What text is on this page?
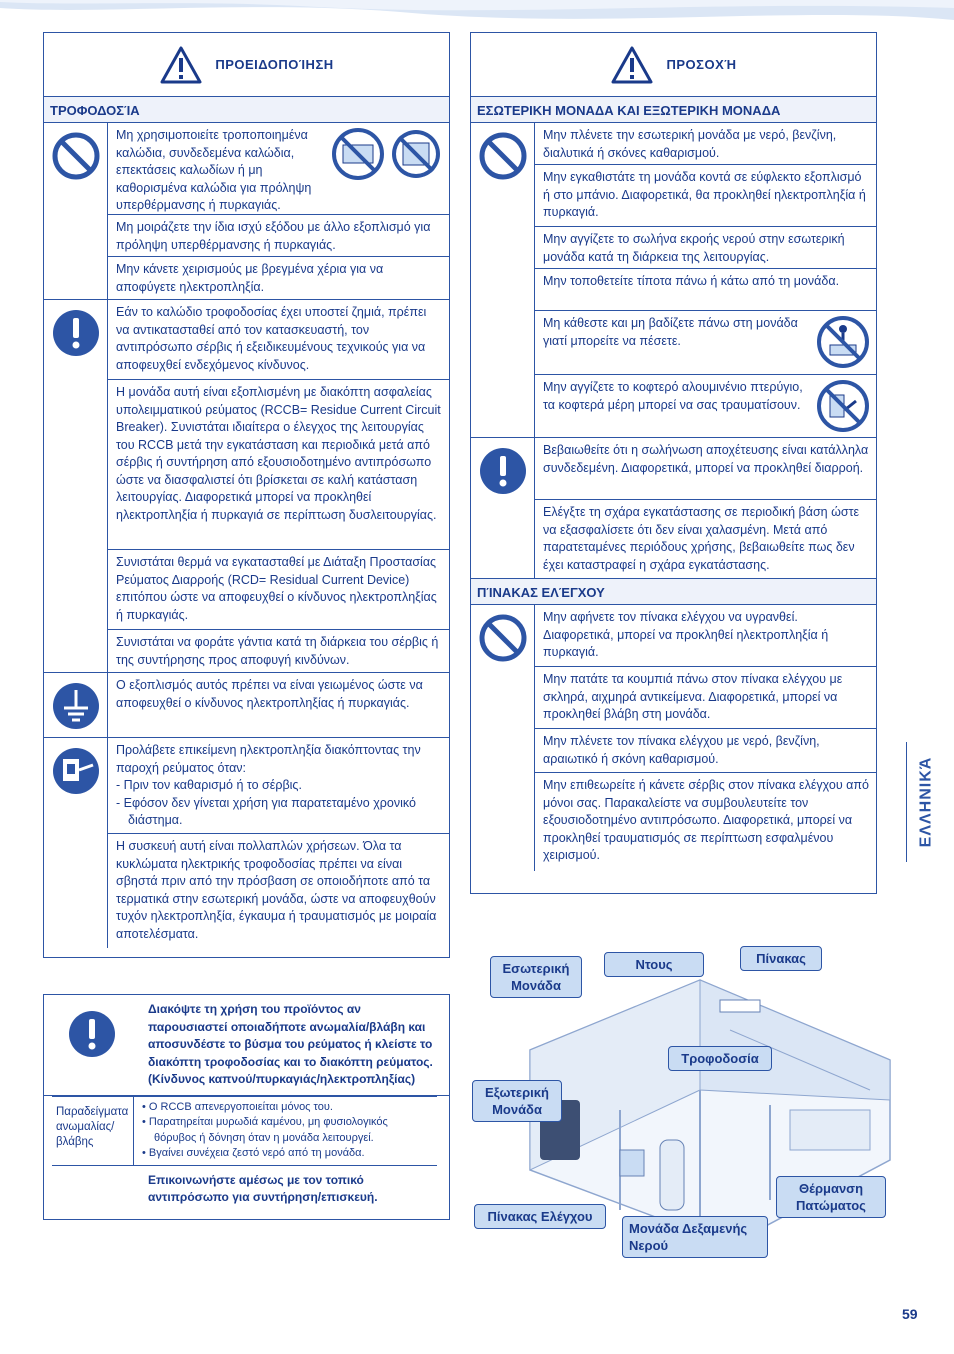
ΠΡΟΕΙΔΟΠΟΊΗΣΗ
ΤΡΟΦΟΔΟΣΊΑ
Μη χρησιμοποιείτε τροποποιημένα καλώδια, συνδεδεμένα καλώδια, επεκτάσεις καλωδίων ή μη καθορισμένα καλώδια για πρόληψη υπερθέρμανσης ή πυρκαγιάς.
Μη μοιράζετε την ίδια ισχύ εξόδου με άλλο εξοπλισμό για πρόληψη υπερθέρμανσης ή πυρκαγιάς.
Μην κάνετε χειρισμούς με βρεγμένα χέρια για να αποφύγετε ηλεκτροπληξία.
Εάν το καλώδιο τροφοδοσίας έχει υποστεί ζημιά, πρέπει να αντικατασταθεί από τον κατασκευαστή, τον αντιπρόσωπο σέρβις ή εξειδικευμένους τεχνικούς για να αποφευχθεί ενδεχόμενος κίνδυνος.
Η μονάδα αυτή είναι εξοπλισμένη με διακόπτη ασφαλείας υπολειμματικού ρεύματος (RCCB= Residue Current Circuit Breaker). Συνιστάται ιδιαίτερα ο έλεγχος της λειτουργίας του RCCB μετά την εγκατάσταση και περιοδικά μετά από σέρβις ή συντήρηση από εξουσιοδοτημένο αντιπρόσωπο ώστε να διασφαλιστεί ότι βρίσκεται σε καλή κατάσταση λειτουργίας. Διαφορετικά μπορεί να προκληθεί ηλεκτροπληξία ή πυρκαγιά σε περίπτωση δυσλειτουργίας.
Συνιστάται θερμά να εγκατασταθεί με Διάταξη Προστασίας Ρεύματος Διαρροής (RCD= Residual Current Device) επιτόπου ώστε να αποφευχθεί ο κίνδυνος ηλεκτροπληξίας ή πυρκαγιάς.
Συνιστάται να φοράτε γάντια κατά τη διάρκεια του σέρβις ή της συντήρησης προς αποφυγή κινδύνων.
Ο εξοπλισμός αυτός πρέπει να είναι γειωμένος ώστε να αποφευχθεί ο κίνδυνος ηλεκτροπληξίας ή πυρκαγιάς.
Προλάβετε επικείμενη ηλεκτροπληξία διακόπτοντας την παροχή ρεύματος όταν:
- Πριν τον καθαρισμό ή το σέρβις.
- Εφόσον δεν γίνεται χρήση για παρατεταμένο χρονικό διάστημα.
Η συσκευή αυτή είναι πολλαπλών χρήσεων. Όλα τα κυκλώματα ηλεκτρικής τροφοδοσίας πρέπει να είναι σβηστά πριν από την πρόσβαση σε οποιοδήποτε από τα τερματικά στην εσωτερική μονάδα, ώστε να αποφευχθούν τυχόν ηλεκτροπληξία, έγκαυμα ή τραυματισμός με μοιραία αποτελέσματα.
ΠΡΟΣΟΧΉ
ΕΣΩΤΕΡΙΚΗ ΜΟΝΑΔΑ ΚΑΙ ΕΞΩΤΕΡΙΚΗ ΜΟΝΑΔΑ
Μην πλένετε την εσωτερική μονάδα με νερό, βενζίνη, διαλυτικά ή σκόνες καθαρισμού.
Μην εγκαθιστάτε τη μονάδα κοντά σε εύφλεκτο εξοπλισμό ή στο μπάνιο. Διαφορετικά, θα προκληθεί ηλεκτροπληξία ή πυρκαγιά.
Μην αγγίζετε το σωλήνα εκροής νερού στην εσωτερική μονάδα κατά τη διάρκεια της λειτουργίας.
Μην τοποθετείτε τίποτα πάνω ή κάτω από τη μονάδα.
Μη κάθεστε και μη βαδίζετε πάνω στη μονάδα γιατί μπορείτε να πέσετε.
Μην αγγίζετε το κοφτερό αλουμινένιο πτερύγιο, τα κοφτερά μέρη μπορεί να σας τραυματίσουν.
Βεβαιωθείτε ότι η σωλήνωση αποχέτευσης είναι κατάλληλα συνδεδεμένη. Διαφορετικά, μπορεί να προκληθεί διαρροή.
Ελέγξτε τη σχάρα εγκατάστασης σε περιοδική βάση ώστε να εξασφαλίσετε ότι δεν είναι χαλασμένη. Μετά από παρατεταμένες περιόδους χρήσης, βεβαιωθείτε πως δεν έχει καταστραφεί η σχάρα εγκατάστασης.
ΠΊΝΑΚΑΣ ΕΛΈΓΧΟΥ
Μην αφήνετε τον πίνακα ελέγχου να υγρανθεί. Διαφορετικά, μπορεί να προκληθεί ηλεκτροπληξία ή πυρκαγιά.
Μην πατάτε τα κουμπιά πάνω στον πίνακα ελέγχου με σκληρά, αιχμηρά αντικείμενα. Διαφορετικά, μπορεί να προκληθεί βλάβη στη μονάδα.
Μην πλένετε τον πίνακα ελέγχου με νερό, βενζίνη, αραιωτικό ή σκόνη καθαρισμού.
Μην επιθεωρείτε ή κάνετε σέρβις στον πίνακα ελέγχου από μόνοι σας. Παρακαλείστε να συμβουλευτείτε τον εξουσιοδοτημένο αντιπρόσωπο. Διαφορετικά, μπορεί να προκληθεί τραυματισμός σε περίπτωση εσφαλμένου χειρισμού.
Διακόψτε τη χρήση του προϊόντος αν παρουσιαστεί οποιαδήποτε ανωμαλία/βλάβη και αποσυνδέστε το βύσμα του ρεύματος ή κλείστε το διακόπτη τροφοδοσίας και το διακόπτη ρεύματος. (Κίνδυνος καπνού/πυρκαγιάς/ηλεκτροπληξίας)
Παραδείγματα ανωμαλίας/ βλάβης
• Ο RCCB απενεργοποιείται μόνος του.
• Παρατηρείται μυρωδιά καμένου, μη φυσιολογικός θόρυβος ή δόνηση όταν η μονάδα λειτουργεί.
• Βγαίνει συνέχεια ζεστό νερό από τη μονάδα.
Επικοινωνήστε αμέσως με τον τοπικό αντιπρόσωπο για συντήρηση/επισκευή.
Εσωτερική Μονάδα
Ντους	Πίνακας
Τροφοδοσία
Εξωτερική Μονάδα
Πίνακας Ελέγχου
Μονάδα Δεξαμενής Νερού
Θέρμανση Πατώματος
ΕΛΛΗΝΙΚΆ
59
